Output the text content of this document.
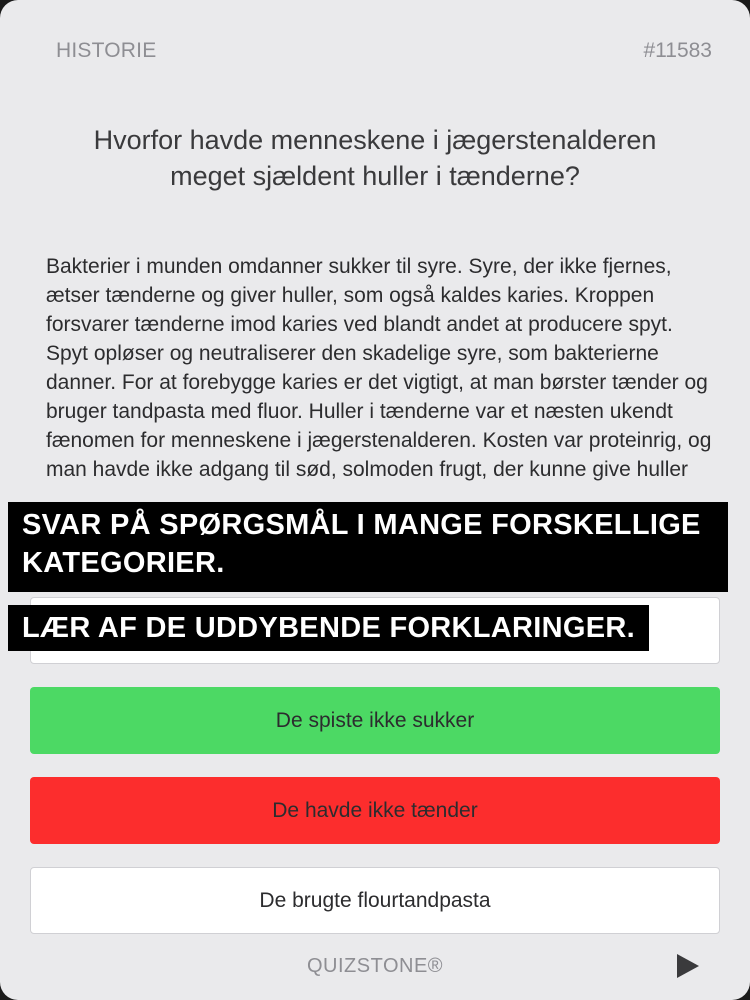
HISTORIE	#11583
Hvorfor havde menneskene i jægerstenalderen meget sjældent huller i tænderne?
Bakterier i munden omdanner sukker til syre. Syre, der ikke fjernes, ætser tænderne og giver huller, som også kaldes karies. Kroppen forsvarer tænderne imod karies ved blandt andet at producere spyt. Spyt opløser og neutraliserer den skadelige syre, som bakterierne danner. For at forebygge karies er det vigtigt, at man børster tænder og bruger tandpasta med fluor. Huller i tænderne var et næsten ukendt fænomen for menneskene i jægerstenalderen. Kosten var proteinrig, og man havde ikke adgang til sød, solmoden frugt, der kunne give huller
De spiste ikke sukker
De havde ikke tænder
De brugte flourtandpasta
QUIZSTONE®
SVAR PÅ SPØRGSMÅL I MANGE FORSKELLIGE KATEGORIER.
LÆR AF DE UDDYBENDE FORKLARINGER.
